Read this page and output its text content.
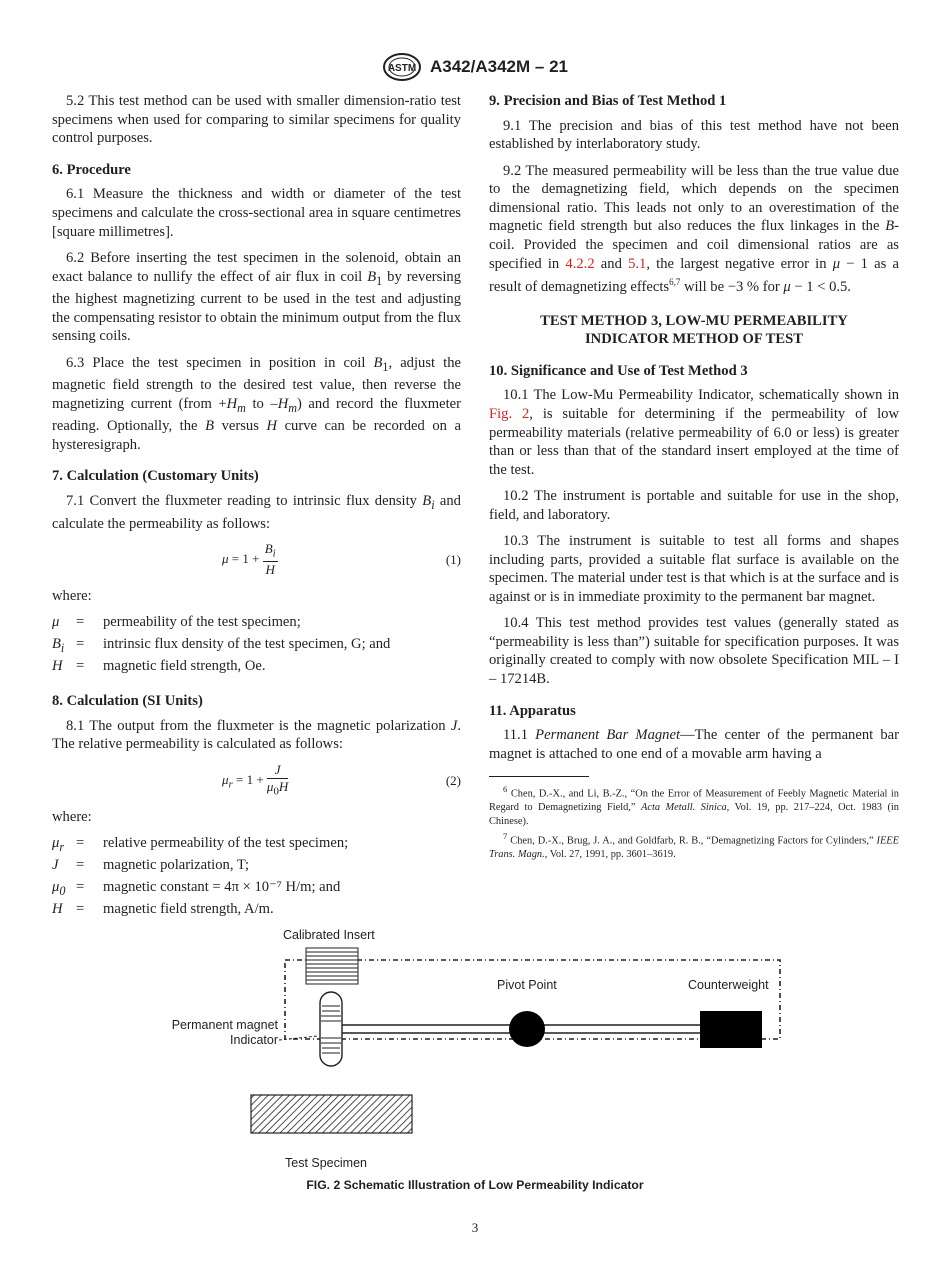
ASTM A342/A342M – 21

5.2 This test method can be used with smaller dimension-ratio test specimens when used for comparing to similar specimens for quality control purposes.

6. Procedure

6.1 Measure the thickness and width or diameter of the test specimens and calculate the cross-sectional area in square centimetres [square millimetres].

6.2 Before inserting the test specimen in the solenoid, obtain an exact balance to nullify the effect of air flux in coil $B_1$ by reversing the highest magnetizing current to be used in the test and adjusting the compensating resistor to obtain the minimum output from the flux sensing coils.

6.3 Place the test specimen in position in coil $B_1$, adjust the magnetic field strength to the desired test value, then reverse the magnetizing current (from $+H_m$ to $-H_m$) and record the fluxmeter reading. Optionally, the B versus H curve can be recorded on a hysteresigraph.

7. Calculation (Customary Units)

7.1 Convert the fluxmeter reading to intrinsic flux density $B_i$ and calculate the permeability as follows:

$\mu = 1 + \frac{B_i}{H}$	(1)

where:

μ	=	permeability of the test specimen;
$B_i$	=	intrinsic flux density of the test specimen, G; and
H	=	magnetic field strength, Oe.
8. Calculation (SI Units)

8.1 The output from the fluxmeter is the magnetic polarization J. The relative permeability is calculated as follows:

$\mu_r = 1 + \frac{J}{\mu_0H}$	(2)

where:

$\mu_r$	=	relative permeability of the test specimen;
J	=	magnetic polarization, T;
$\mu_0$	=	magnetic constant = 4π × 10⁻⁷ H/m; and
H	=	magnetic field strength, A/m.
9. Precision and Bias of Test Method 1

9.1 The precision and bias of this test method have not been established by interlaboratory study.

9.2 The measured permeability will be less than the true value due to the demagnetizing field, which depends on the specimen dimensional ratio. This leads not only to an overestimation of the magnetic field strength but also reduces the flux linkages in the B-coil. Provided the specimen and coil dimensional ratios are as specified in 4.2.2 and 5.1, the largest negative error in μ − 1 as a result of demagnetizing effects$^{6,7}$ will be −3 % for μ − 1 < 0.5.

TEST METHOD 3, LOW-MU PERMEABILITY
INDICATOR METHOD OF TEST
10. Significance and Use of Test Method 3

10.1 The Low-Mu Permeability Indicator, schematically shown in Fig. 2, is suitable for determining if the permeability of low permeability materials (relative permeability of 6.0 or less) is greater than or less than that of the standard insert employed at the time of the test.

10.2 The instrument is portable and suitable for use in the shop, field, and laboratory.

10.3 The instrument is suitable to test all forms and shapes including parts, provided a suitable flat surface is available on the specimen. The material under test is that which is at the surface and is against or is in immediate proximity to the permanent bar magnet.

10.4 This test method provides test values (generally stated as “permeability is less than”) suitable for specification purposes. It was originally created to comply with now obsolete Specification MIL – I – 17214B.

11. Apparatus

11.1 Permanent Bar Magnet—The center of the permanent bar magnet is attached to one end of a movable arm having a

$^6$ Chen, D.-X., and Li, B.-Z., “On the Error of Measurement of Feebly Magnetic Material in Regard to Demagnetizing Field,” Acta Metall. Sinica, Vol. 19, pp. 217–224, Oct. 1983 (in Chinese).

$^7$ Chen, D.-X., Brug, J. A., and Goldfarb, R. B., “Demagnetizing Factors for Cylinders,” IEEE Trans. Magn., Vol. 27, 1991, pp. 3601–3619.

Calibrated Insert
Pivot Point	Counterweight
Permanent magnet
Indicator
Test Specimen
FIG. 2 Schematic Illustration of Low Permeability Indicator
3
